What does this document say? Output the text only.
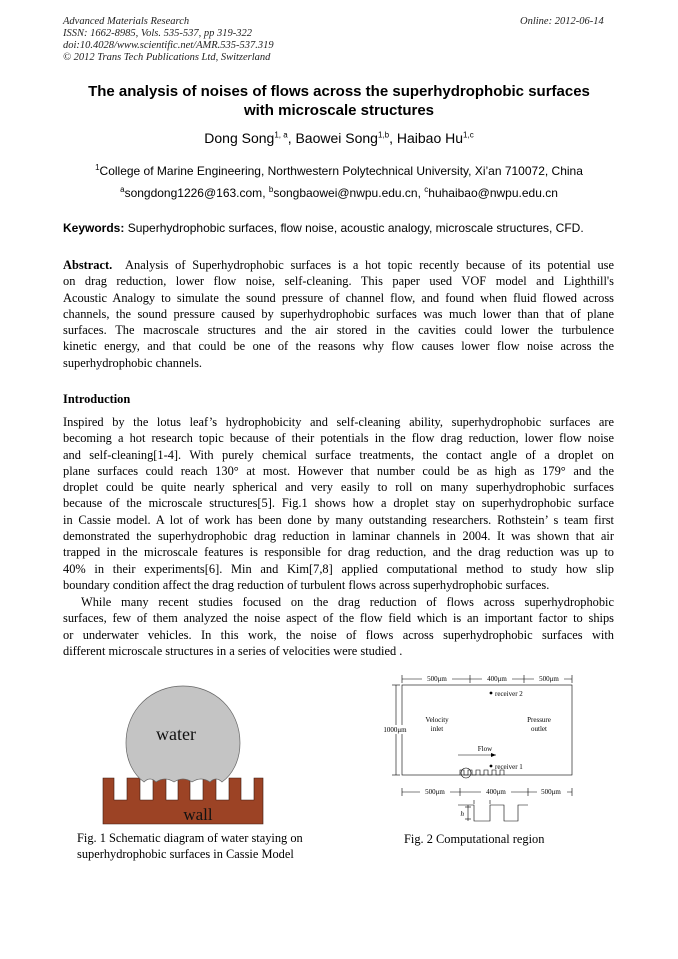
Advanced Materials Research
ISSN: 1662-8985, Vols. 535-537, pp 319-322
doi:10.4028/www.scientific.net/AMR.535-537.319
© 2012 Trans Tech Publications Ltd, Switzerland
Online: 2012-06-14
The analysis of noises of flows across the superhydrophobic surfaces
with microscale structures
Dong Song$^{1, a}$, Baowei Song$^{1,b}$, Haibao Hu$^{1,c}$
$^1$College of Marine Engineering, Northwestern Polytechnical University, Xi’an 710072, China
$^a$songdong1226@163.com, $^b$songbaowei@nwpu.edu.cn, $^c$huhaibao@nwpu.edu.cn
Keywords: Superhydrophobic surfaces, flow noise, acoustic analogy, microscale structures, CFD.
Abstract. Analysis of Superhydrophobic surfaces is a hot topic recently because of its potential use
on drag reduction, lower flow noise, self-cleaning. This paper used VOF model and Lighthill's
Acoustic Analogy to simulate the sound pressure of channel flow, and found when fluid flowed across
channels, the sound pressure caused by superhydrophobic surfaces was much lower than that of plane
surfaces. The macroscale structures and the air stored in the cavities could lower the turbulence
kinetic energy, and that could be one of the reasons why flow causes lower flow noise across the
superhydrophobic channels.
Introduction
Inspired by the lotus leaf’s hydrophobicity and self-cleaning ability, superhydrophobic surfaces are
becoming a hot research topic because of their potentials in the flow drag reduction, lower flow noise
and self-cleaning[1-4]. With purely chemical surface treatments, the contact angle of a droplet on
plane surfaces could reach 130° at most. However that number could be as high as 179° and the
droplet could be quite nearly spherical and very easily to roll on many superhydrophobic surfaces
because of the microscale structures[5]. Fig.1 shows how a droplet stay on superhydrophobic surface
in Cassie model. A lot of work has been done by many outstanding researchers. Rothstein’ s team first
demonstrated the superhydrophobic drag reduction in laminar channels in 2004. It was shown that air
trapped in the microscale features is responsible for drag reduction, and the drag reduction was up to
40% in their experiments[6]. Min and Kim[7,8] applied computational method to study how slip
boundary condition affect the drag reduction of turbulent flows across superhydrophobic surfaces.
While many recent studies focused on the drag reduction of flows across superhydrophobic
surfaces, few of them analyzed the noise aspect of the flow field which is an important factor to ships
or underwater vehicles. In this work, the noise of flows across superhydrophobic surfaces with
different microscale structures in a series of velocities were studied .
water
wall
Fig. 1 Schematic diagram of water staying on
superhydrophobic surfaces in Cassie Model
500μm	400μm	500μm
1000μm
receiver 2
receiver 1
Velocity
inlet
Pressure
outlet
Flow
500μm	400μm	500μm
h
Fig. 2 Computational region
